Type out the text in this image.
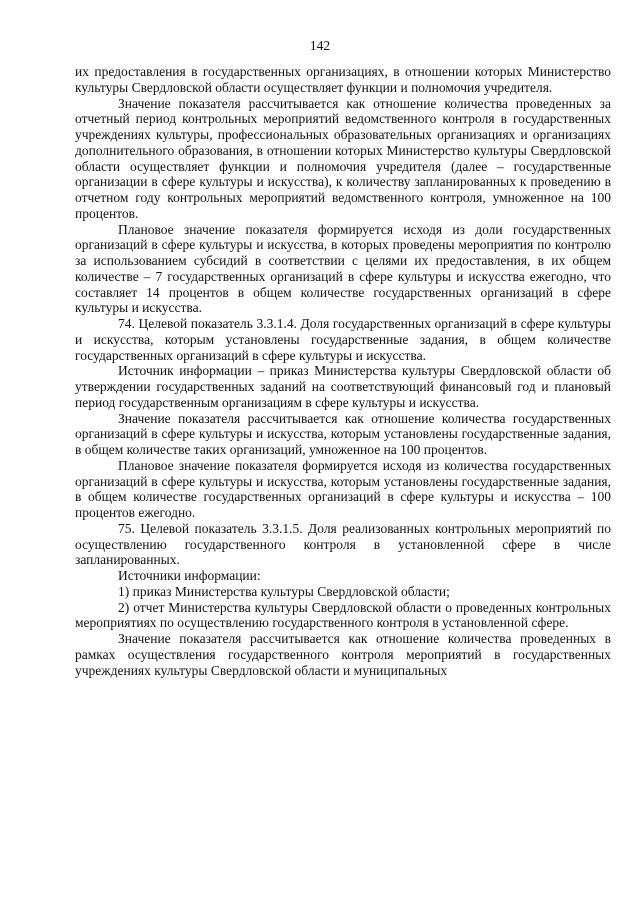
142

их предоставления в государственных организациях, в отношении которых Министерство культуры Свердловской области осуществляет функции и полномочия учредителя.

Значение показателя рассчитывается как отношение количества проведенных за отчетный период контрольных мероприятий ведомственного контроля в государственных учреждениях культуры, профессиональных образовательных организациях и организациях дополнительного образования, в отношении которых Министерство культуры Свердловской области осуществляет функции и полномочия учредителя (далее – государственные организации в сфере культуры и искусства), к количеству запланированных к проведению в отчетном году контрольных мероприятий ведомственного контроля, умноженное на 100 процентов.

Плановое значение показателя формируется исходя из доли государственных организаций в сфере культуры и искусства, в которых проведены мероприятия по контролю за использованием субсидий в соответствии с целями их предоставления, в их общем количестве – 7 государственных организаций в сфере культуры и искусства ежегодно, что составляет 14 процентов в общем количестве государственных организаций в сфере культуры и искусства.

74. Целевой показатель 3.3.1.4. Доля государственных организаций в сфере культуры и искусства, которым установлены государственные задания, в общем количестве государственных организаций в сфере культуры и искусства.

Источник информации – приказ Министерства культуры Свердловской области об утверждении государственных заданий на соответствующий финансовый год и плановый период государственным организациям в сфере культуры и искусства.

Значение показателя рассчитывается как отношение количества государственных организаций в сфере культуры и искусства, которым установлены государственные задания, в общем количестве таких организаций, умноженное на 100 процентов.

Плановое значение показателя формируется исходя из количества государственных организаций в сфере культуры и искусства, которым установлены государственные задания, в общем количестве государственных организаций в сфере культуры и искусства – 100 процентов ежегодно.

75. Целевой показатель 3.3.1.5. Доля реализованных контрольных мероприятий по осуществлению государственного контроля в установленной сфере в числе запланированных.

Источники информации:

1) приказ Министерства культуры Свердловской области;

2) отчет Министерства культуры Свердловской области о проведенных контрольных мероприятиях по осуществлению государственного контроля в установленной сфере.

Значение показателя рассчитывается как отношение количества проведенных в рамках осуществления государственного контроля мероприятий в государственных учреждениях культуры Свердловской области и муниципальных
